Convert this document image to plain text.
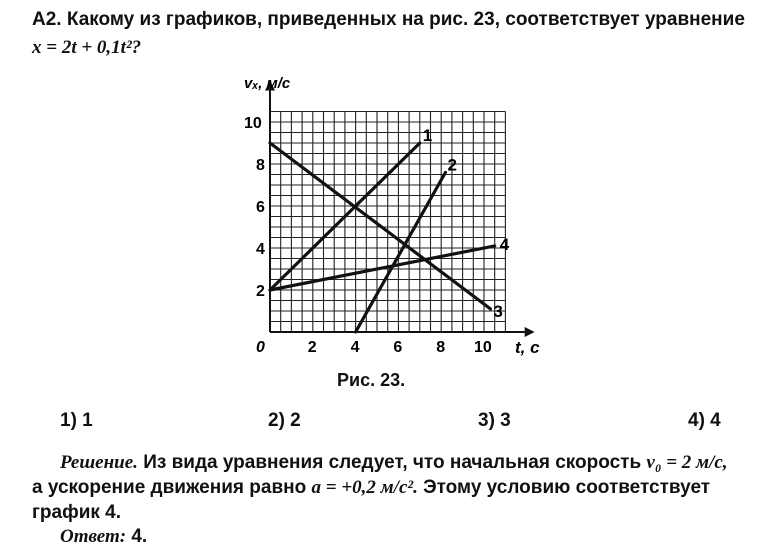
А2. Какому из графиков, приведенных на рис. 23, соответствует уравнение
x = 2t + 0,1t²?
0	2 4 6 8 10
2
4
6
8
10
1
2
3
4
vₓ, м/с
t, с
Рис. 23.
1) 1	2) 2	3) 3	4) 4
Решение. Из вида уравнения следует, что начальная скорость v₀ = 2 м/с,
а ускорение движения равно a = +0,2 м/с². Этому условию соответствует
график 4.
Ответ: 4.
